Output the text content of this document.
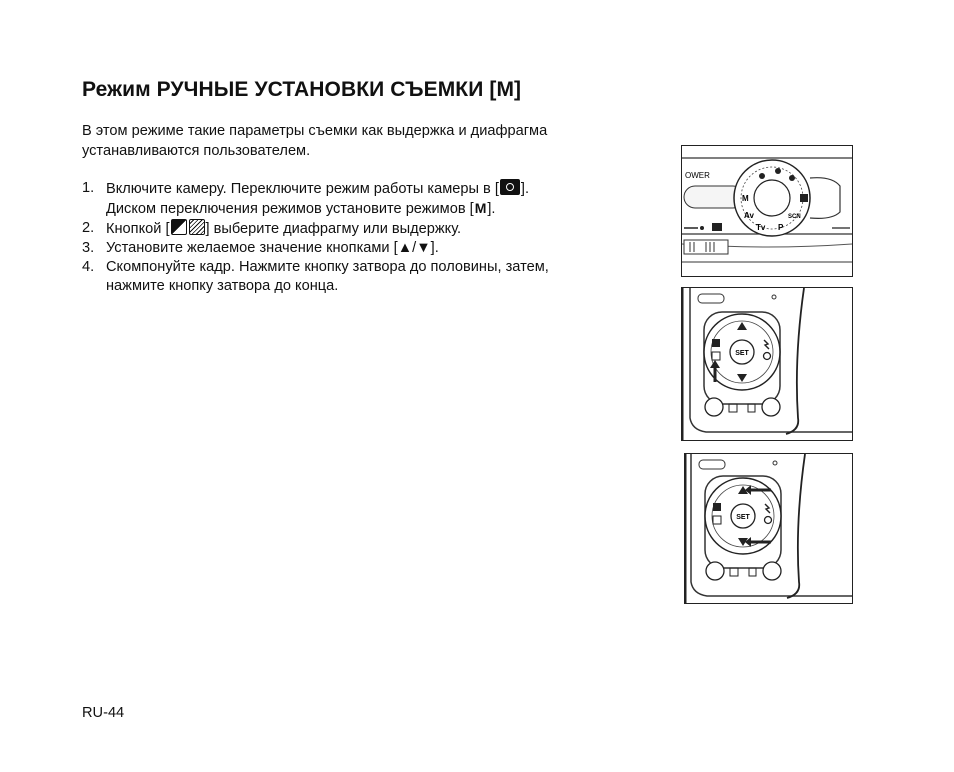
Режим РУЧНЫЕ УСТАНОВКИ СЪЕМКИ [M]
В этом режиме такие параметры съемки как выдержка и диафрагма
устанавливаются пользователем.
1. Включите камеру. Переключите режим работы камеры в [ ].
Диском переключения режимов установите режимов [M].
2. Кнопкой [ ] выберите диафрагму или выдержку.
3. Установите желаемое значение кнопками [▲/▼].
4. Скомпонуйте кадр. Нажмите кнопку затвора до половины, затем,
нажмите кнопку затвора до конца.
OWER
M
Av
Tv P
SCN
SET
SET
RU-44
